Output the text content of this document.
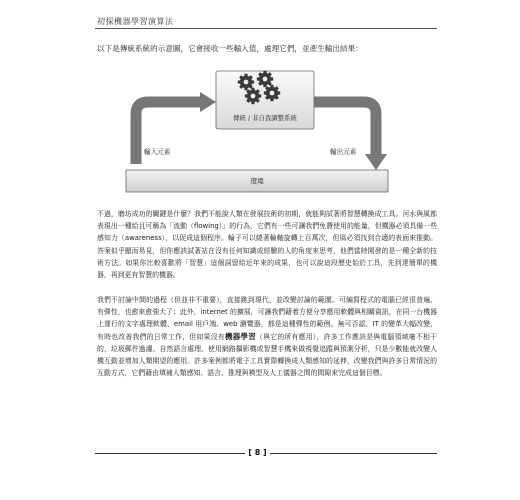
初探機器學習演算法
以下是傳統系統的示意圖，它會接收一些輸入值，處理它們，並產生輸出結果：
傳統 / 非自我調整系統
輸入元素	輸出元素
環境
不過，磨坊成功的關鍵是什麼？我們不能說人類在發展技術的初期，就能夠試著將智慧轉換成工具。河水與風都表現出一種給且可稱為「流動（flowing）」的行為，它們有一些可讓我們免費使用的能量，但機器必須具備一些感知力（awareness），以促成這個程序。輪子可以繞著輪軸旋轉上百萬次，但風必須找到合適的表面來推動。答案似乎顯而易見，但你應該試著站在沒有任何知識或經驗的人的角度來思考，他們當時開發的是一種全新的技術方法。如果你比較喜歡將「智慧」這個詞留給近年來的成果，也可以說這段歷史始於工具，先到達簡單的機器，再到更有智慧的機器。
我們不討論中間的過程（但並非不重要），直接跳到現代，並改變討論的範圍。可編寫程式的電腦已經很普遍、有彈性，也愈來愈強大了；此外，internet 的擴展，可讓我們藉着方便分享應用軟體與相關資訊，在同一台機器上運行的文字處理軟體、email 用戶端、web 瀏覽器，都是這種彈性的範例。無可否認，IT 的變革大幅改變，有時也改善我們的日常工作，但如果沒有機器學習（與它的所有應用），許多工作應該是與電腦領域毫不相干的，垃圾郵件過濾、自然語言處理、使用網路攝影機或智慧手機來做視覺追蹤與預測分析，只是少數能就改變人機互動並增加人類期望的應用。許多案例都將電子工具實際轉換成人類感知的延伸，改變我們與許多日常情況的互動方式，它們藉由填補人類感知、語言、推理與模型及人工儀器之間的間隙來完成這個目標。
[ 8 ]
